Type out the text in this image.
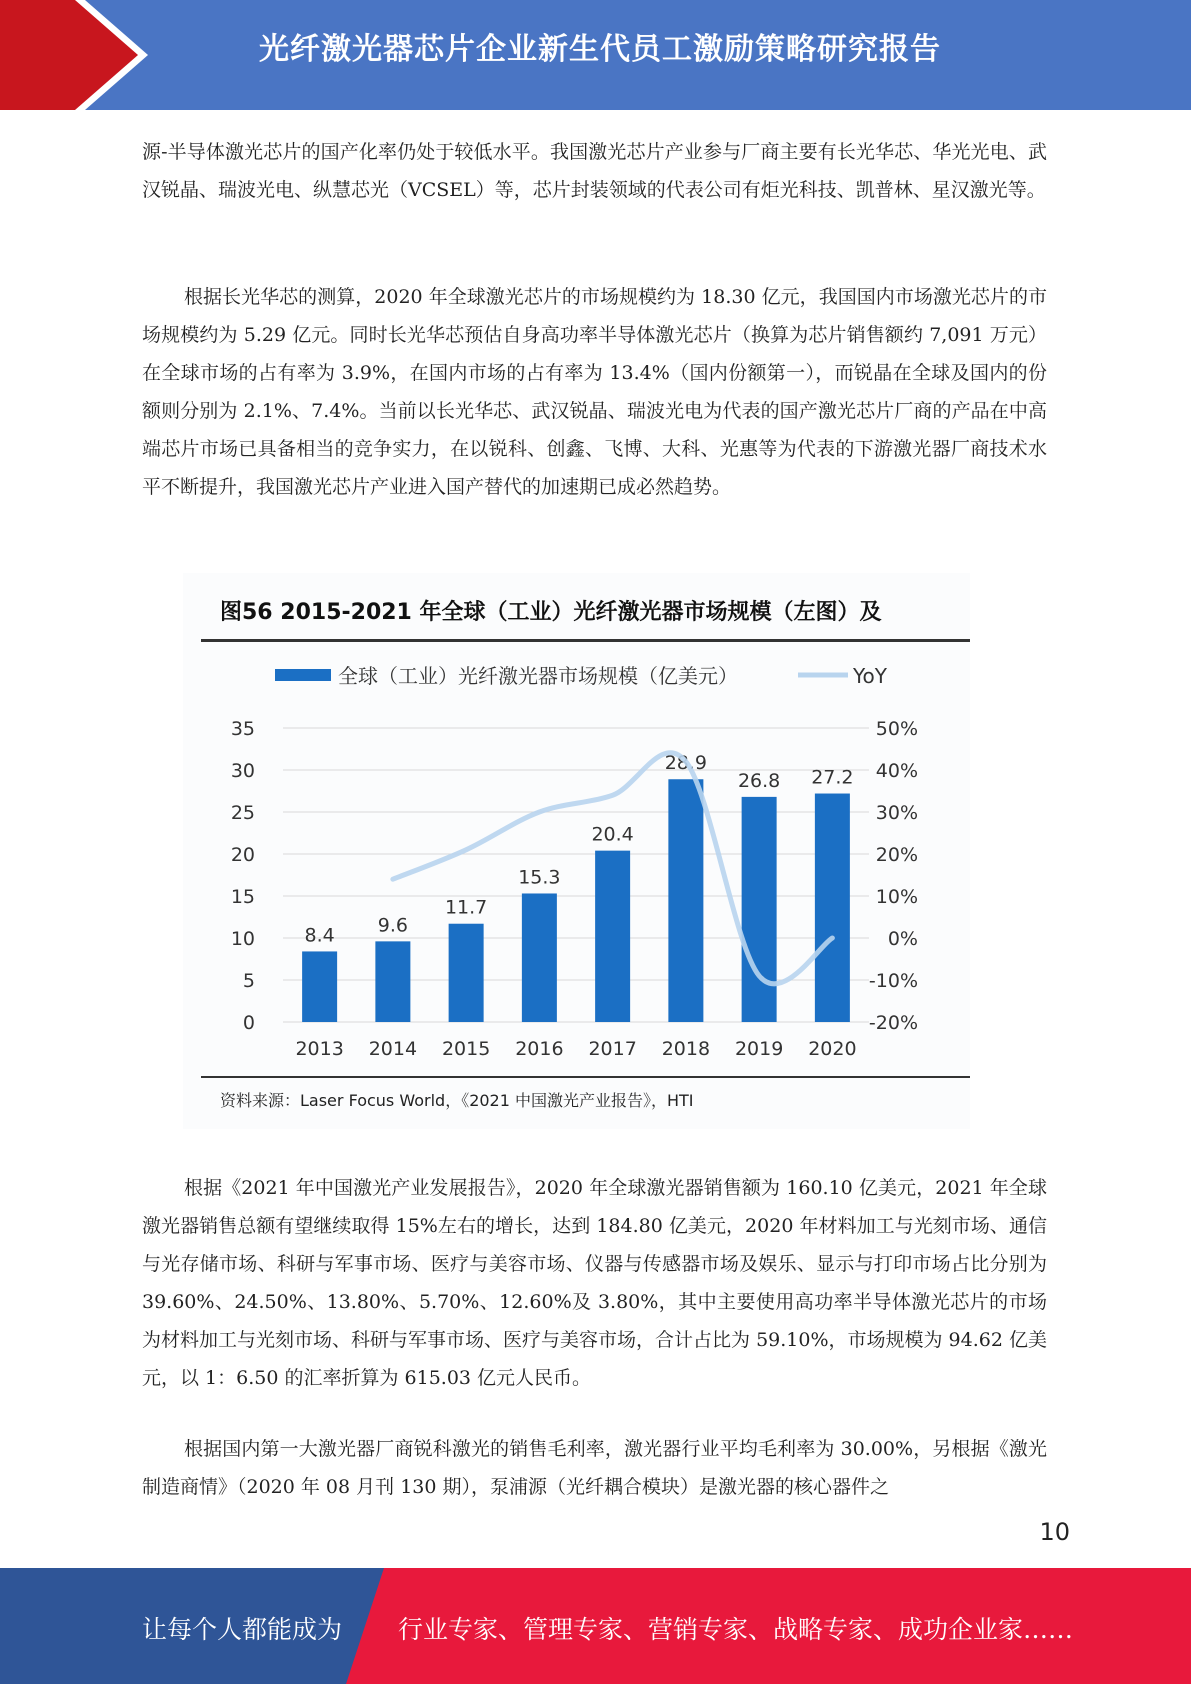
光纤激光器芯片企业新生代员工激励策略研究报告

源-半导体激光芯片的国产化率仍处于较低水平。我国激光芯片产业参与厂商主要有长光华芯、华光光电、武汉锐晶、瑞波光电、纵慧芯光（VCSEL）等，芯片封装领域的代表公司有炬光科技、凯普林、星汉激光等。

根据长光华芯的测算，2020 年全球激光芯片的市场规模约为 18.30 亿元，我国国内市场激光芯片的市场规模约为 5.29 亿元。同时长光华芯预估自身高功率半导体激光芯片（换算为芯片销售额约 7,091 万元）在全球市场的占有率为 3.9%，在国内市场的占有率为 13.4%（国内份额第一），而锐晶在全球及国内的份额则分别为 2.1%、7.4%。当前以长光华芯、武汉锐晶、瑞波光电为代表的国产激光芯片厂商的产品在中高端芯片市场已具备相当的竞争实力，在以锐科、创鑫、飞博、大科、光惠等为代表的下游激光器厂商技术水平不断提升，我国激光芯片产业进入国产替代的加速期已成必然趋势。

图56 2015-2021 年全球（工业）光纤激光器市场规模（左图）及
全球（工业）光纤激光器市场规模（亿美元）	YoY
0
5
10
15
20
25
30
35
-20%
-10%
0%
10%
20%
30%
40%
50%
8.4
2013
9.6
2014
11.7
2015
15.3
2016
20.4
2017
28.9
2018
26.8
2019
27.2
2020
资料来源：Laser Focus World，《2021 中国激光产业报告》，HTI

根据《2021 年中国激光产业发展报告》，2020 年全球激光器销售额为 160.10 亿美元，2021 年全球激光器销售总额有望继续取得 15%左右的增长，达到 184.80 亿美元，2020 年材料加工与光刻市场、通信与光存储市场、科研与军事市场、医疗与美容市场、仪器与传感器市场及娱乐、显示与打印市场占比分别为 39.60%、24.50%、13.80%、5.70%、12.60%及 3.80%，其中主要使用高功率半导体激光芯片的市场为材料加工与光刻市场、科研与军事市场、医疗与美容市场，合计占比为 59.10%，市场规模为 94.62 亿美元，以 1：6.50 的汇率折算为 615.03 亿元人民币。

根据国内第一大激光器厂商锐科激光的销售毛利率，激光器行业平均毛利率为 30.00%，另根据《激光制造商情》（2020 年 08 月刊 130 期），泵浦源（光纤耦合模块）是激光器的核心器件之

10
让每个人都能成为 行业专家、管理专家、营销专家、战略专家、成功企业家……
